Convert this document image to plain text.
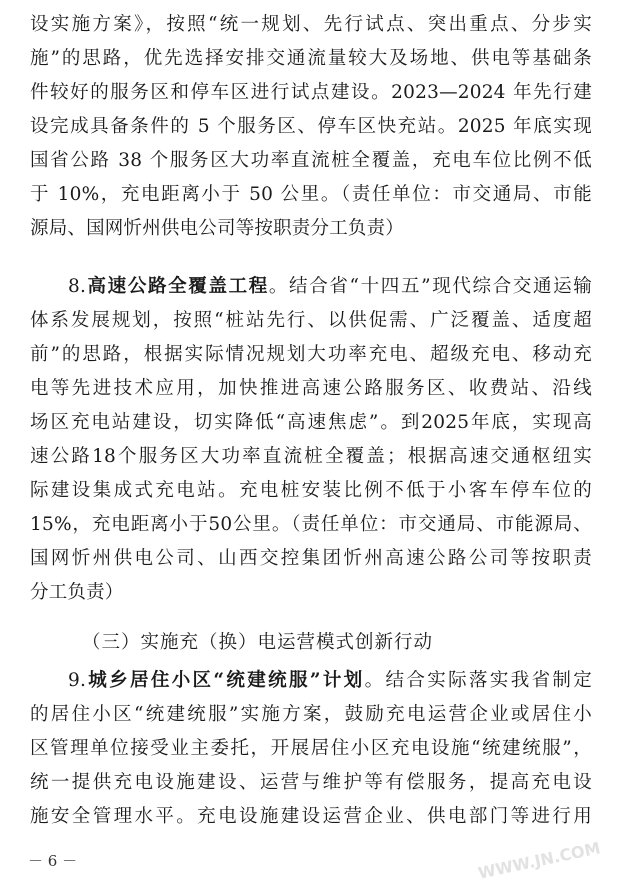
设实施方案》，按照“统一规划、先行试点、突出重点、分步实
施”的思路，优先选择安排交通流量较大及场地、供电等基础条
件较好的服务区和停车区进行试点建设。2023—2024 年先行建
设完成具备条件的 5 个服务区、停车区快充站。2025 年底实现
国省公路 38 个服务区大功率直流桩全覆盖，充电车位比例不低
于 10%，充电距离小于 50 公里。（责任单位：市交通局、市能
源局、国网忻州供电公司等按职责分工负责）
8.高速公路全覆盖工程。结合省“十四五”现代综合交通运输
体系发展规划，按照“桩站先行、以供促需、广泛覆盖、适度超
前”的思路，根据实际情况规划大功率充电、超级充电、移动充
电等先进技术应用，加快推进高速公路服务区、收费站、沿线
场区充电站建设，切实降低“高速焦虑”。到2025年底，实现高
速公路18个服务区大功率直流桩全覆盖；根据高速交通枢纽实
际建设集成式充电站。充电桩安装比例不低于小客车停车位的
15%，充电距离小于50公里。（责任单位：市交通局、市能源局、
国网忻州供电公司、山西交控集团忻州高速公路公司等按职责
分工负责）
（三）实施充（换）电运营模式创新行动
9.城乡居住小区“统建统服”计划。结合实际落实我省制定
的居住小区“统建统服”实施方案，鼓励充电运营企业或居住小
区管理单位接受业主委托，开展居住小区充电设施“统建统服”，
统一提供充电设施建设、运营与维护等有偿服务，提高充电设
施安全管理水平。充电设施建设运营企业、供电部门等进行用
－ 6 －	WWW.JN.COM
